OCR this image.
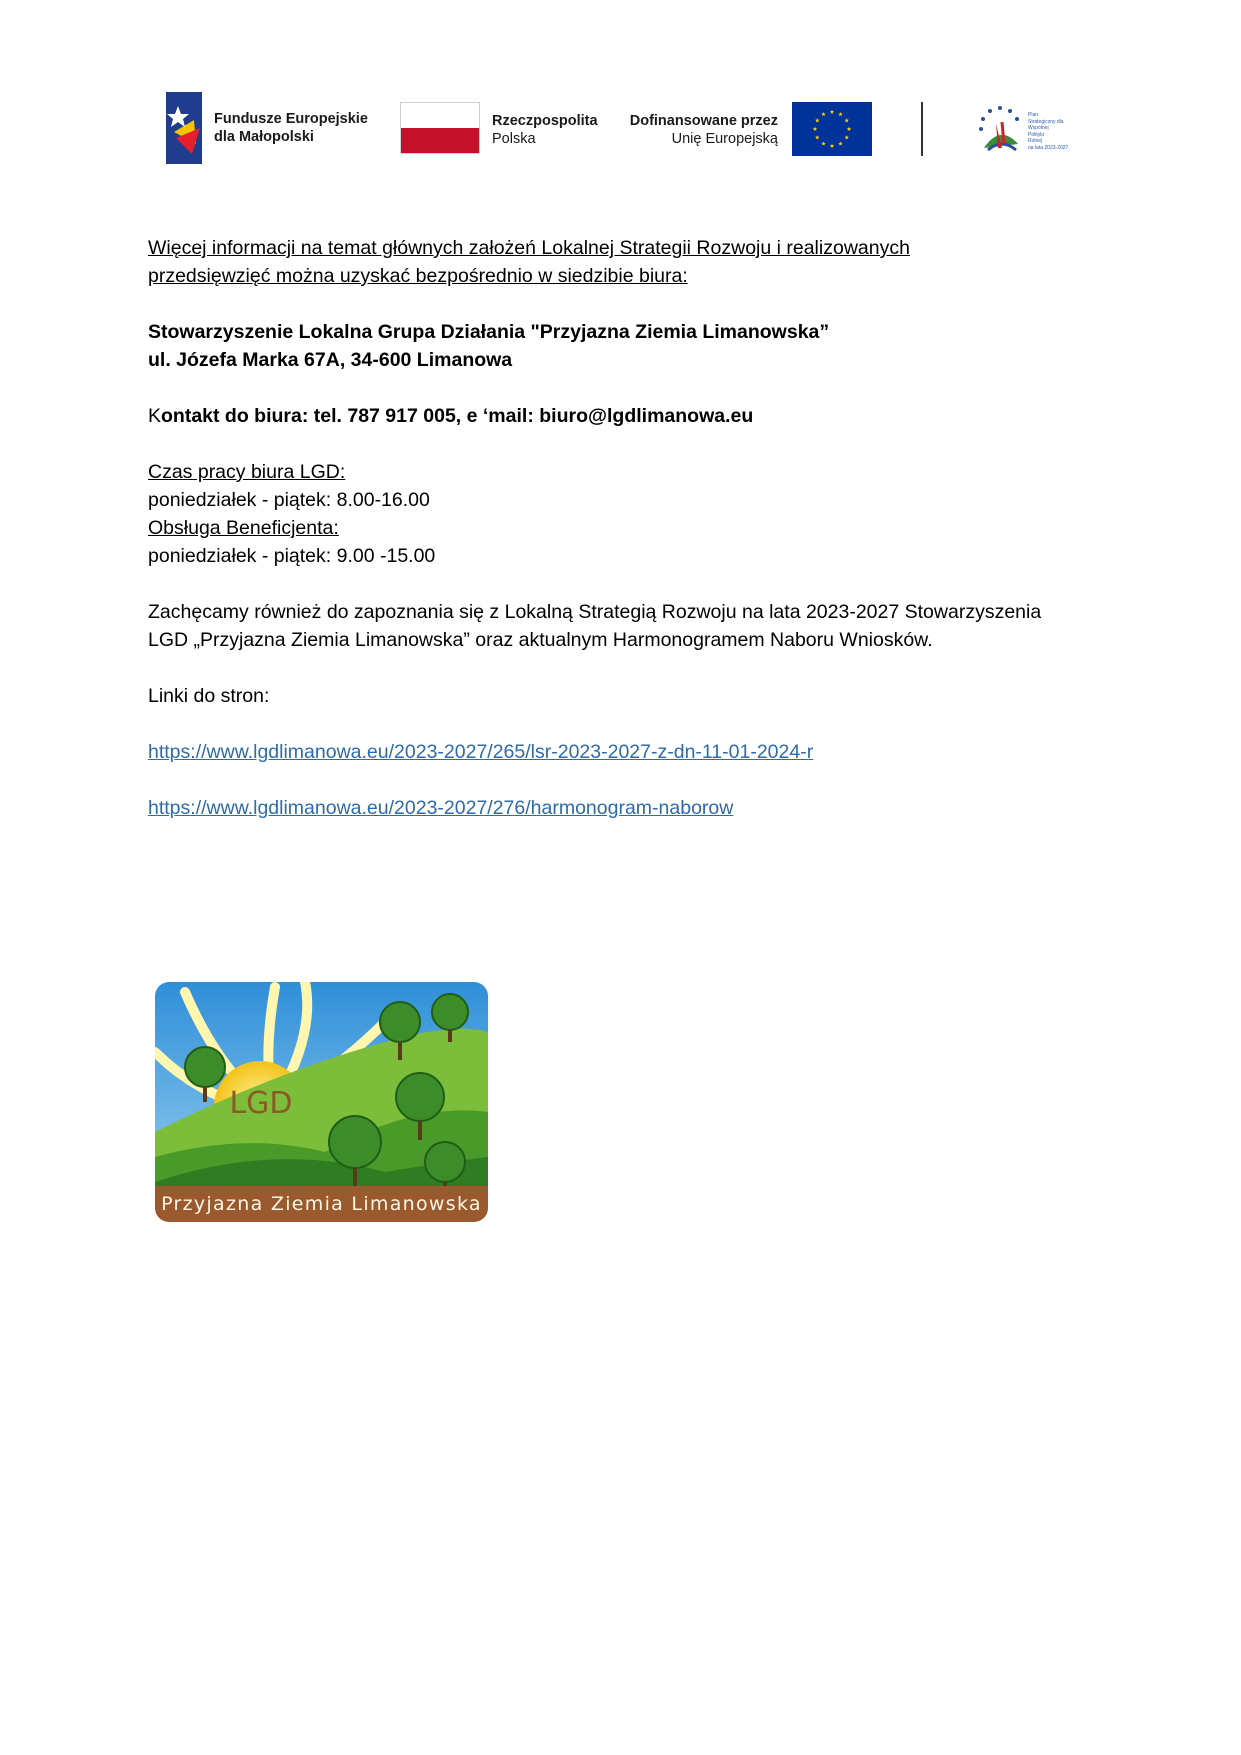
Fundusze Europejskie
dla Małopolski
Rzeczpospolita
Polska
Dofinansowane przez
Unię Europejską
Plan
Strategiczny dla
Wspólnej
Polityki
Rolnej
na lata 2023-2027

Więcej informacji na temat głównych założeń Lokalnej Strategii Rozwoju i realizowanych

przedsięwzięć można uzyskać bezpośrednio w siedzibie biura:

Stowarzyszenie Lokalna Grupa Działania "Przyjazna Ziemia Limanowska”

ul. Józefa Marka 67A, 34-600 Limanowa

Kontakt do biura: tel. 787 917 005, e ‘mail: biuro@lgdlimanowa.eu

Czas pracy biura LGD:

poniedziałek - piątek: 8.00-16.00

Obsługa Beneficjenta:

poniedziałek - piątek: 9.00 -15.00

Zachęcamy również do zapoznania się z Lokalną Strategią Rozwoju na lata 2023-2027 Stowarzyszenia

LGD „Przyjazna Ziemia Limanowska” oraz aktualnym Harmonogramem Naboru Wniosków.

Linki do stron:

https://www.lgdlimanowa.eu/2023-2027/265/lsr-2023-2027-z-dn-11-01-2024-r

https://www.lgdlimanowa.eu/2023-2027/276/harmonogram-naborow

LGD
Przyjazna Ziemia Limanowska
